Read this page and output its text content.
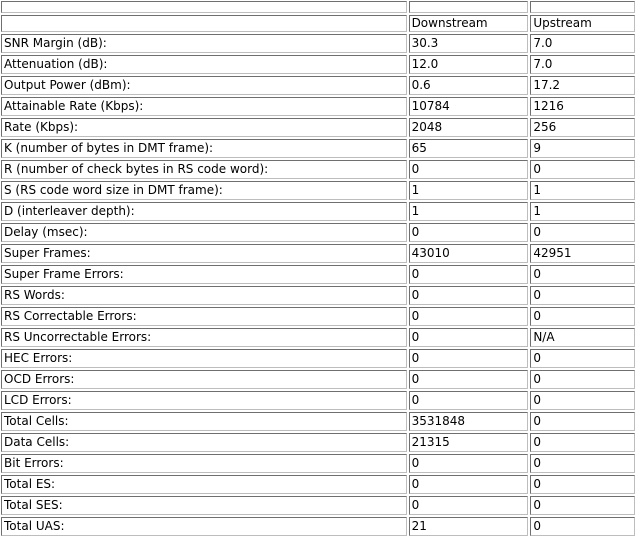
	Downstream	Upstream
SNR Margin (dB):	30.3	7.0
Attenuation (dB):	12.0	7.0
Output Power (dBm):	0.6	17.2
Attainable Rate (Kbps):	10784	1216
Rate (Kbps):	2048	256
K (number of bytes in DMT frame):	65	9
R (number of check bytes in RS code word):	0	0
S (RS code word size in DMT frame):	1	1
D (interleaver depth):	1	1
Delay (msec):	0	0
Super Frames:	43010	42951
Super Frame Errors:	0	0
RS Words:	0	0
RS Correctable Errors:	0	0
RS Uncorrectable Errors:	0	N/A
HEC Errors:	0	0
OCD Errors:	0	0
LCD Errors:	0	0
Total Cells:	3531848	0
Data Cells:	21315	0
Bit Errors:	0	0
Total ES:	0	0
Total SES:	0	0
Total UAS:	21	0
